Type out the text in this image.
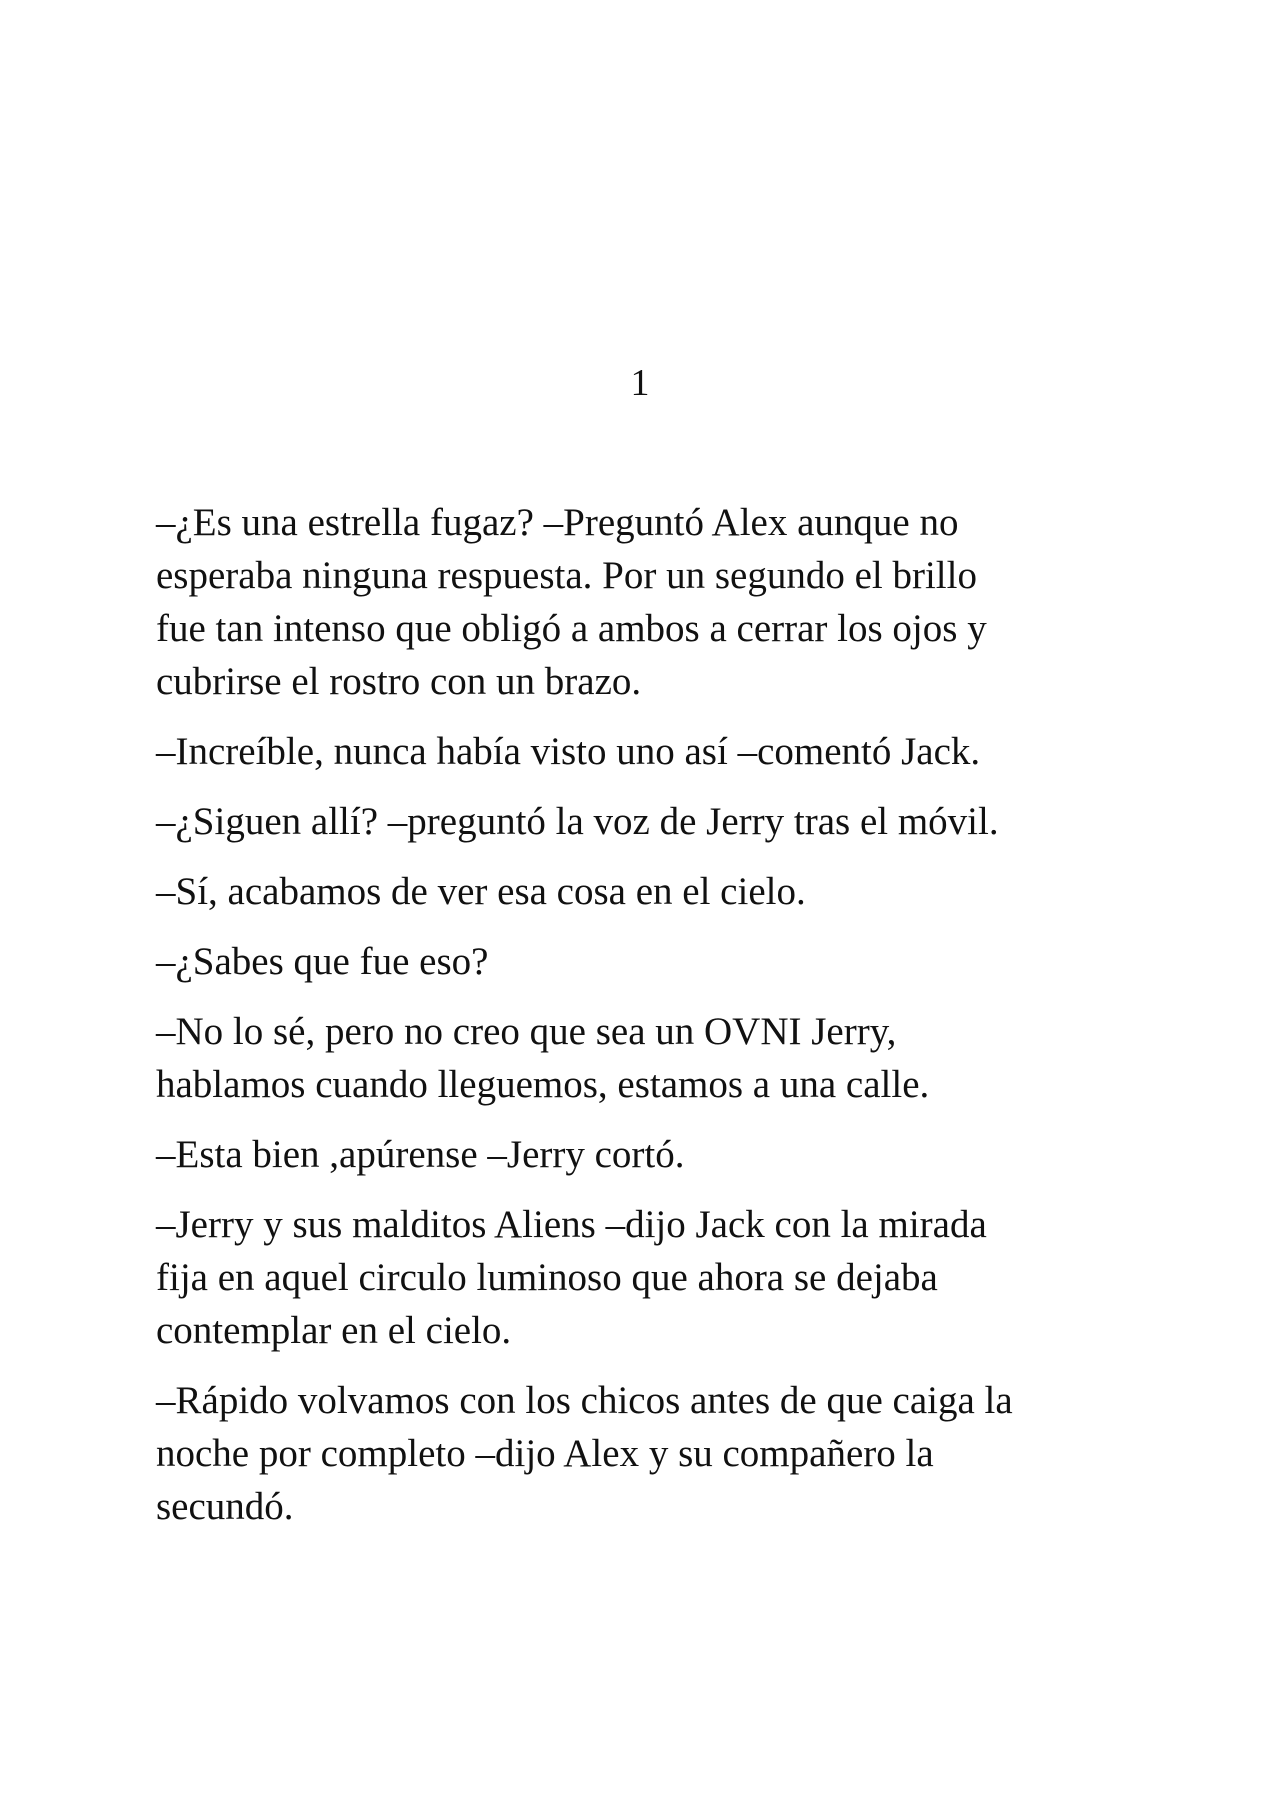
1

–¿Es una estrella fugaz? –Preguntó Alex aunque no
esperaba ninguna respuesta. Por un segundo el brillo
fue tan intenso que obligó a ambos a cerrar los ojos y
cubrirse el rostro con un brazo.

–Increíble, nunca había visto uno así –comentó Jack.

–¿Siguen allí? –preguntó la voz de Jerry tras el móvil.

–Sí, acabamos de ver esa cosa en el cielo.

–¿Sabes que fue eso?

–No lo sé, pero no creo que sea un OVNI Jerry,
hablamos cuando lleguemos, estamos a una calle.

–Esta bien ,apúrense –Jerry cortó.

–Jerry y sus malditos Aliens –dijo Jack con la mirada
fija en aquel circulo luminoso que ahora se dejaba
contemplar en el cielo.

–Rápido volvamos con los chicos antes de que caiga la
noche por completo –dijo Alex y su compañero la
secundó.
